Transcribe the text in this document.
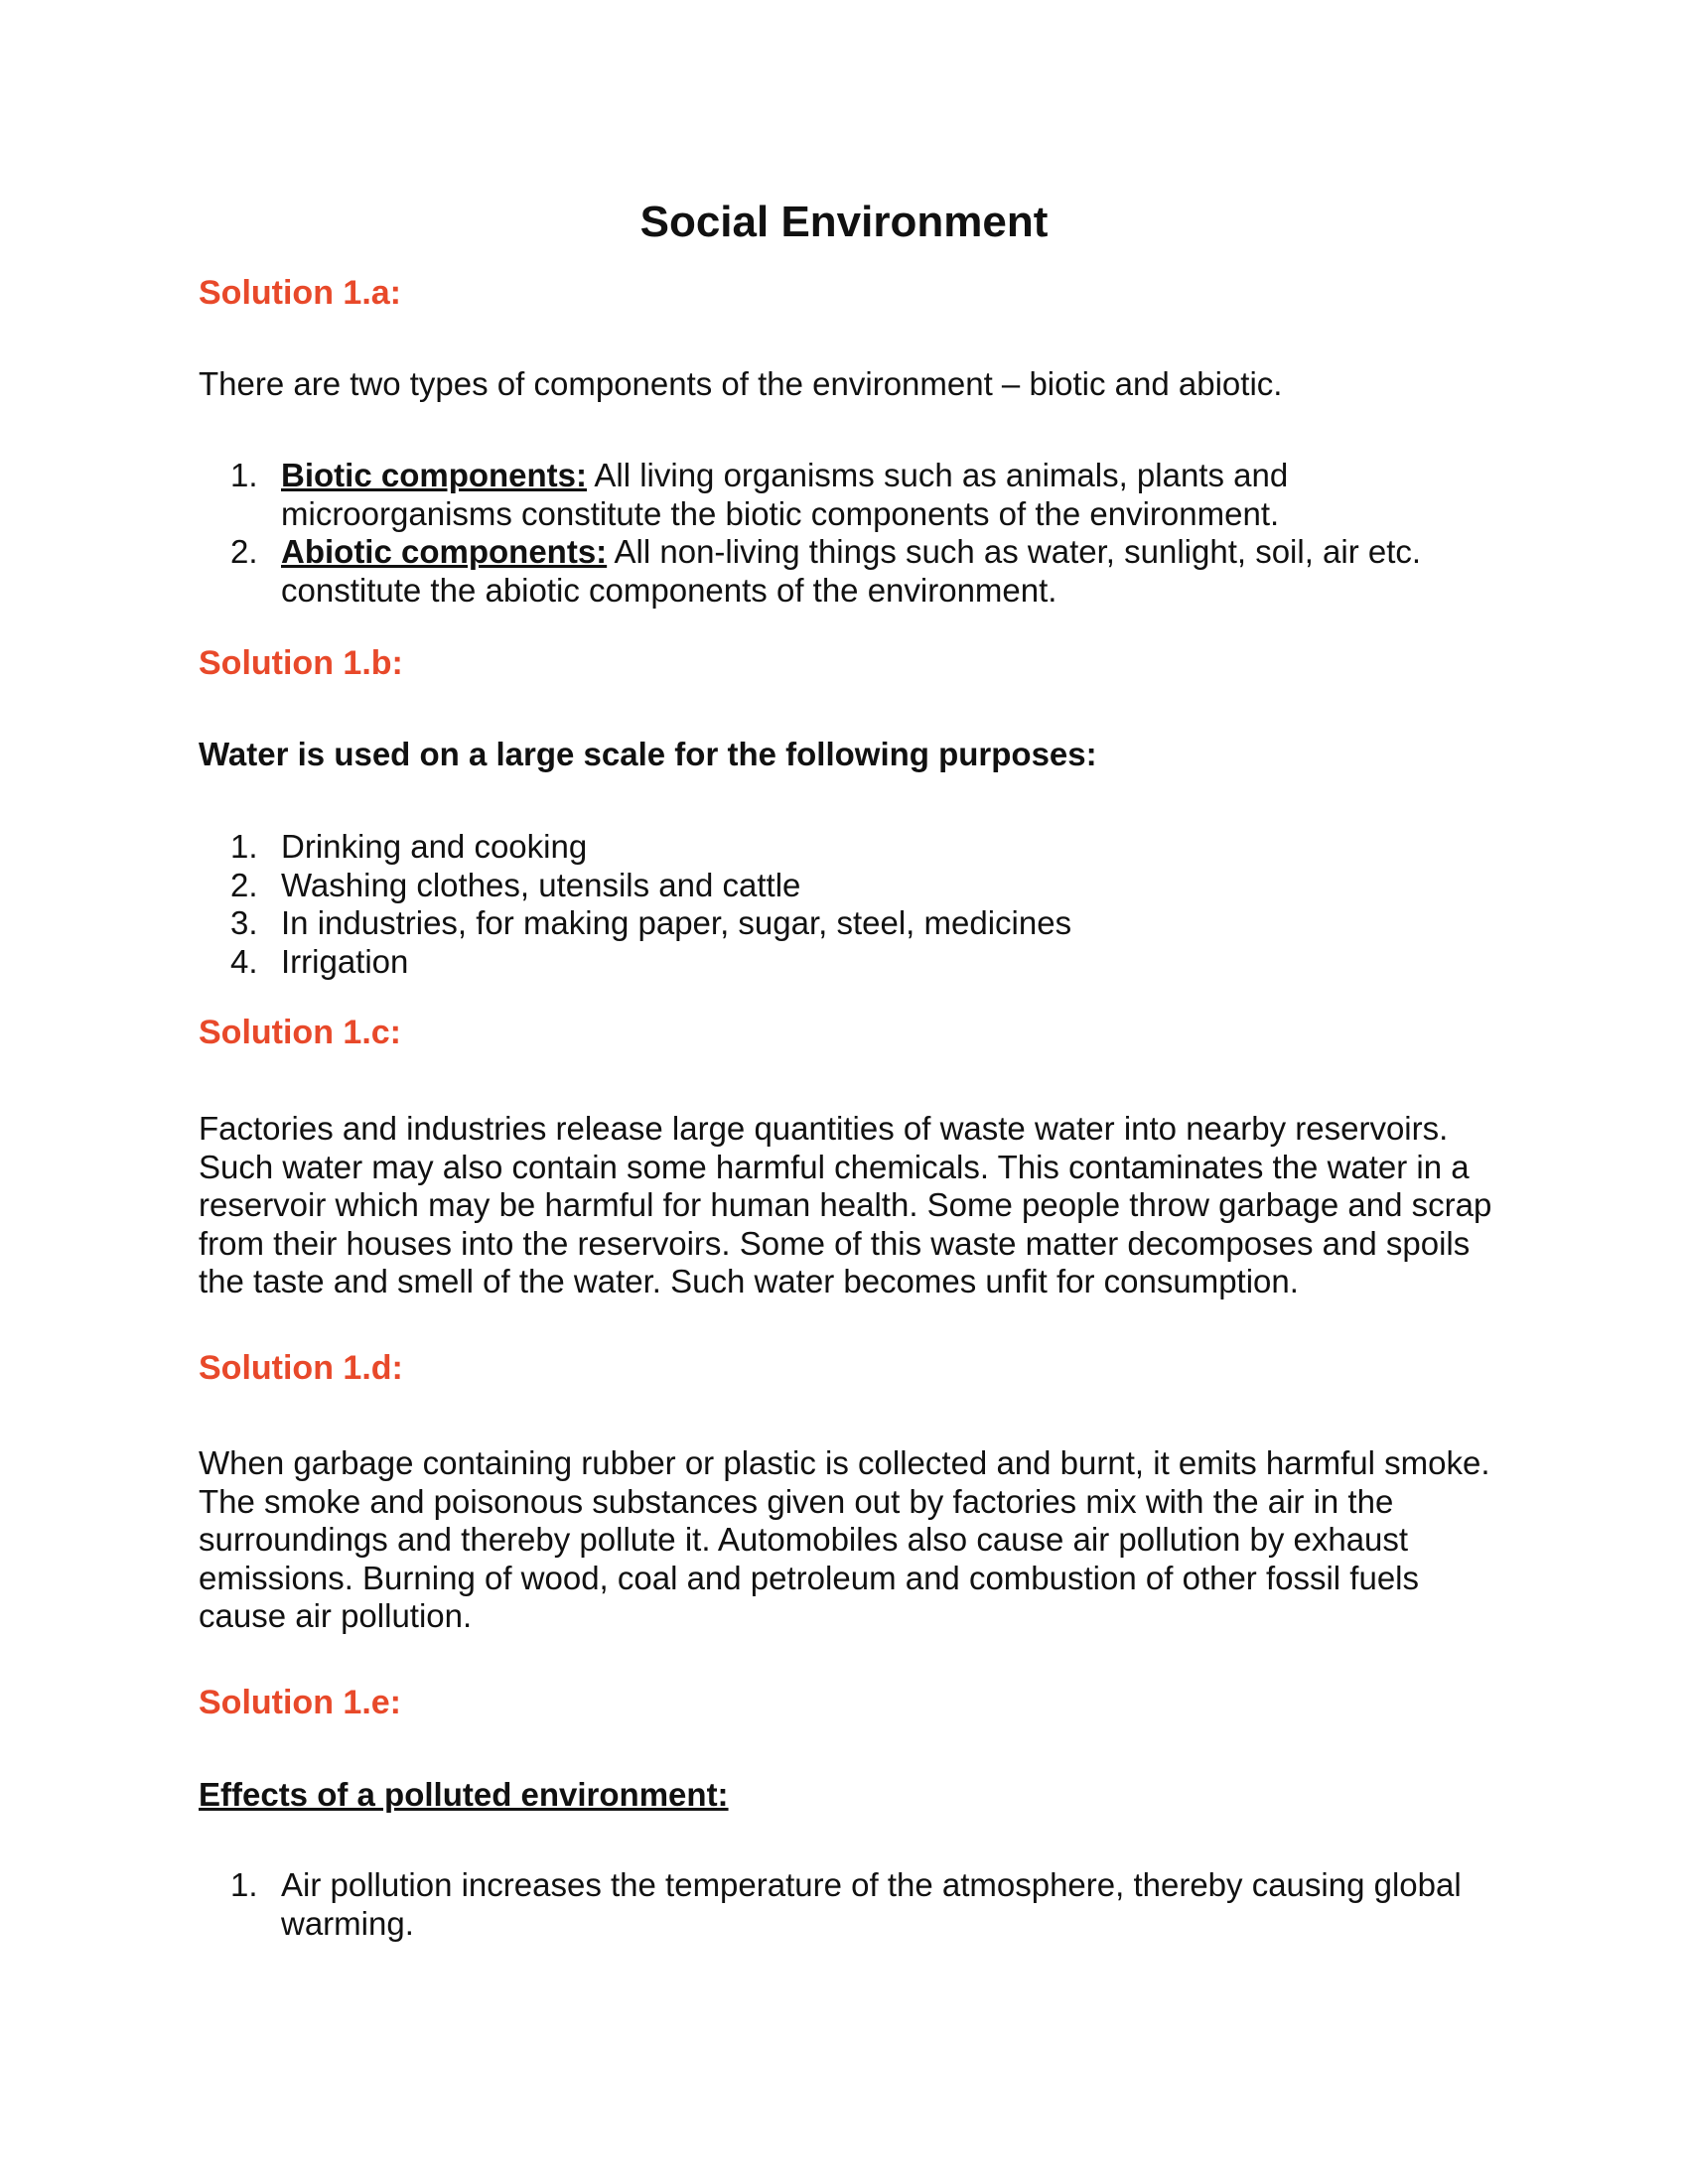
Social Environment
Solution 1.a:

There are two types of components of the environment – biotic and abiotic.

1. Biotic components: All living organisms such as animals, plants and microorganisms constitute the biotic components of the environment.
2. Abiotic components: All non-living things such as water, sunlight, soil, air etc. constitute the abiotic components of the environment.
Solution 1.b:

Water is used on a large scale for the following purposes:

1. Drinking and cooking
2. Washing clothes, utensils and cattle
3. In industries, for making paper, sugar, steel, medicines
4. Irrigation
Solution 1.c:

Factories and industries release large quantities of waste water into nearby reservoirs. Such water may also contain some harmful chemicals. This contaminates the water in a reservoir which may be harmful for human health. Some people throw garbage and scrap from their houses into the reservoirs. Some of this waste matter decomposes and spoils the taste and smell of the water. Such water becomes unfit for consumption.

Solution 1.d:

When garbage containing rubber or plastic is collected and burnt, it emits harmful smoke. The smoke and poisonous substances given out by factories mix with the air in the surroundings and thereby pollute it. Automobiles also cause air pollution by exhaust emissions. Burning of wood, coal and petroleum and combustion of other fossil fuels cause air pollution.

Solution 1.e:

Effects of a polluted environment:

1. Air pollution increases the temperature of the atmosphere, thereby causing global warming.
